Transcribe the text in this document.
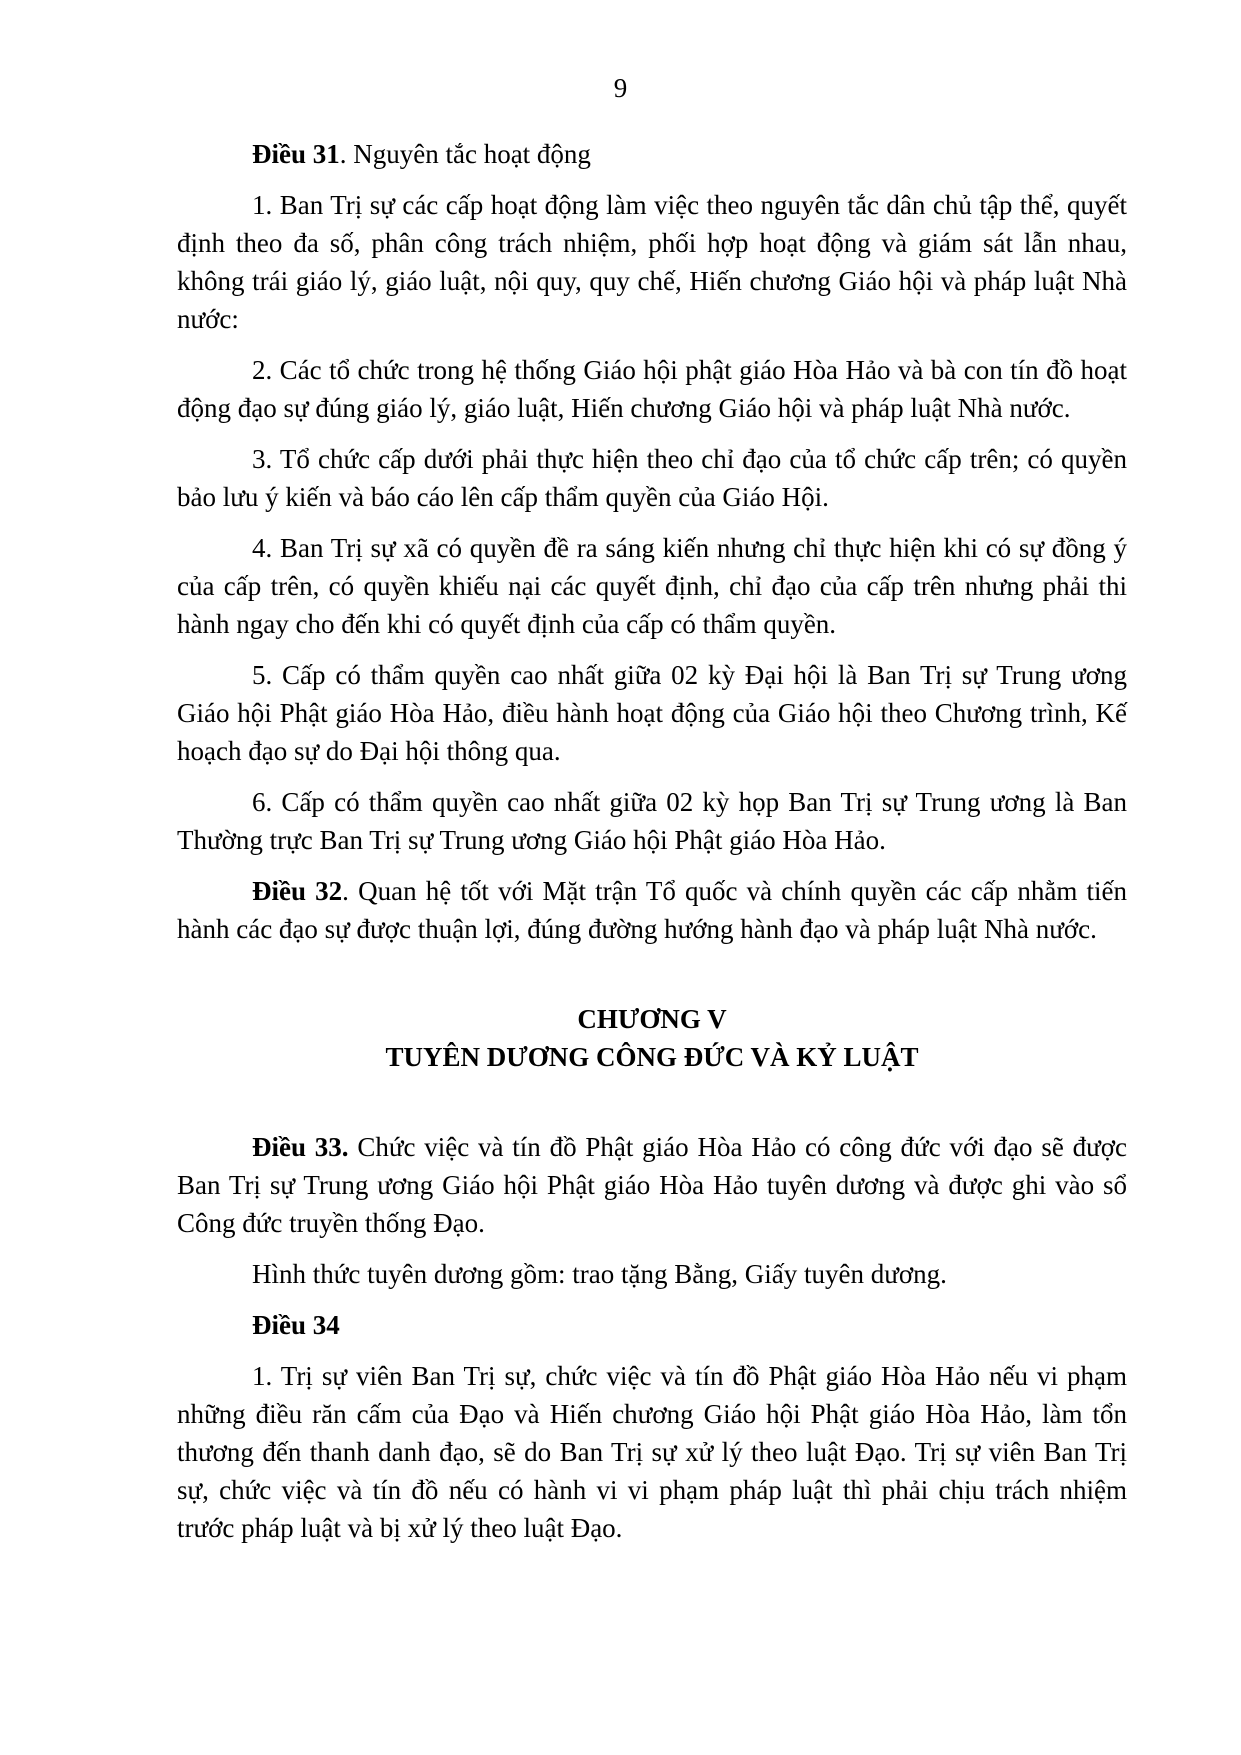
9

Điều 31. Nguyên tắc hoạt động

1. Ban Trị sự các cấp hoạt động làm việc theo nguyên tắc dân chủ tập thể, quyết định theo đa số, phân công trách nhiệm, phối hợp hoạt động và giám sát lẫn nhau, không trái giáo lý, giáo luật, nội quy, quy chế, Hiến chương Giáo hội và pháp luật Nhà nước:

2. Các tổ chức trong hệ thống Giáo hội phật giáo Hòa Hảo và bà con tín đồ hoạt động đạo sự đúng giáo lý, giáo luật, Hiến chương Giáo hội và pháp luật Nhà nước.

3. Tổ chức cấp dưới phải thực hiện theo chỉ đạo của tổ chức cấp trên; có quyền bảo lưu ý kiến và báo cáo lên cấp thẩm quyền của Giáo Hội.

4. Ban Trị sự xã có quyền đề ra sáng kiến nhưng chỉ thực hiện khi có sự đồng ý của cấp trên, có quyền khiếu nại các quyết định, chỉ đạo của cấp trên nhưng phải thi hành ngay cho đến khi có quyết định của cấp có thẩm quyền.

5. Cấp có thẩm quyền cao nhất giữa 02 kỳ Đại hội là Ban Trị sự Trung ương Giáo hội Phật giáo Hòa Hảo, điều hành hoạt động của Giáo hội theo Chương trình, Kế hoạch đạo sự do Đại hội thông qua.

6. Cấp có thẩm quyền cao nhất giữa 02 kỳ họp Ban Trị sự Trung ương là Ban Thường trực Ban Trị sự Trung ương Giáo hội Phật giáo Hòa Hảo.

Điều 32. Quan hệ tốt với Mặt trận Tổ quốc và chính quyền các cấp nhằm tiến hành các đạo sự được thuận lợi, đúng đường hướng hành đạo và pháp luật Nhà nước.

CHƯƠNG V

TUYÊN DƯƠNG CÔNG ĐỨC VÀ KỶ LUẬT

Điều 33. Chức việc và tín đồ Phật giáo Hòa Hảo có công đức với đạo sẽ được Ban Trị sự Trung ương Giáo hội Phật giáo Hòa Hảo tuyên dương và được ghi vào sổ Công đức truyền thống Đạo.

Hình thức tuyên dương gồm: trao tặng Bằng, Giấy tuyên dương.

Điều 34

1. Trị sự viên Ban Trị sự, chức việc và tín đồ Phật giáo Hòa Hảo nếu vi phạm những điều răn cấm của Đạo và Hiến chương Giáo hội Phật giáo Hòa Hảo, làm tổn thương đến thanh danh đạo, sẽ do Ban Trị sự xử lý theo luật Đạo. Trị sự viên Ban Trị sự, chức việc và tín đồ nếu có hành vi vi phạm pháp luật thì phải chịu trách nhiệm trước pháp luật và bị xử lý theo luật Đạo.
